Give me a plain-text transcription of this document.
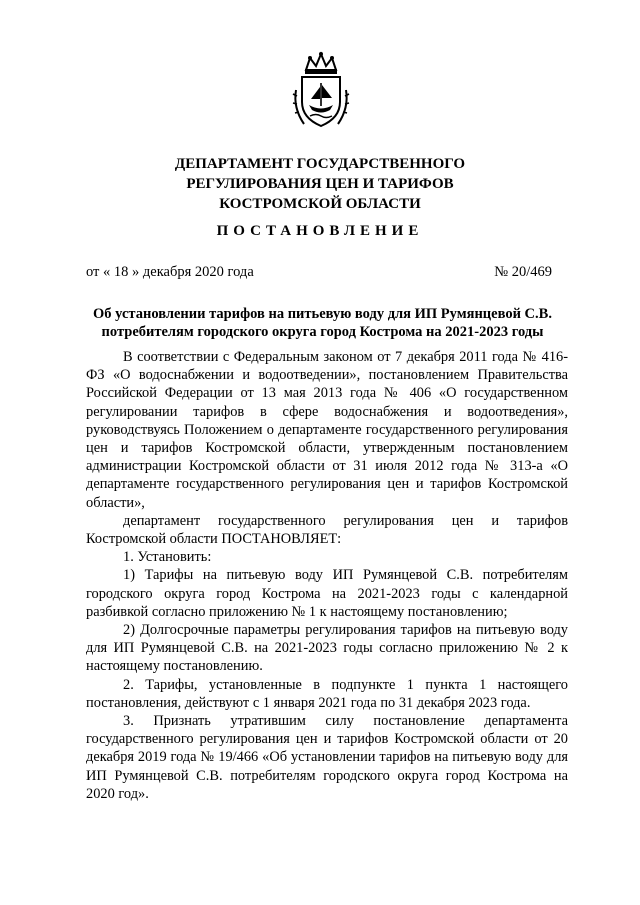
ДЕПАРТАМЕНТ ГОСУДАРСТВЕННОГО
РЕГУЛИРОВАНИЯ ЦЕН И ТАРИФОВ
КОСТРОМСКОЙ ОБЛАСТИ
ПОСТАНОВЛЕНИЕ
от « 18 » декабря 2020 года	№ 20/469
Об установлении тарифов на питьевую воду для ИП Румянцевой С.В.
потребителям городского округа город Кострома на 2021-2023 годы

В соответствии с Федеральным законом от 7 декабря 2011 года № 416-ФЗ «О водоснабжении и водоотведении», постановлением Правительства Российской Федерации от 13 мая 2013 года № 406 «О государственном регулировании тарифов в сфере водоснабжения и водоотведения», руководствуясь Положением о департаменте государственного регулирования цен и тарифов Костромской области, утвержденным постановлением администрации Костромской области от 31 июля 2012 года № 313-а «О департаменте государственного регулирования цен и тарифов Костромской области»,

департамент государственного регулирования цен и тарифов Костромской области ПОСТАНОВЛЯЕТ:

1. Установить:

1) Тарифы на питьевую воду ИП Румянцевой С.В. потребителям городского округа город Кострома на 2021-2023 годы с календарной разбивкой согласно приложению № 1 к настоящему постановлению;

2) Долгосрочные параметры регулирования тарифов на питьевую воду для ИП Румянцевой С.В. на 2021-2023 годы согласно приложению № 2 к настоящему постановлению.

2. Тарифы, установленные в подпункте 1 пункта 1 настоящего постановления, действуют с 1 января 2021 года по 31 декабря 2023 года.

3. Признать утратившим силу постановление департамента государственного регулирования цен и тарифов Костромской области от 20 декабря 2019 года № 19/466 «Об установлении тарифов на питьевую воду для ИП Румянцевой С.В. потребителям городского округа город Кострома на 2020 год».
